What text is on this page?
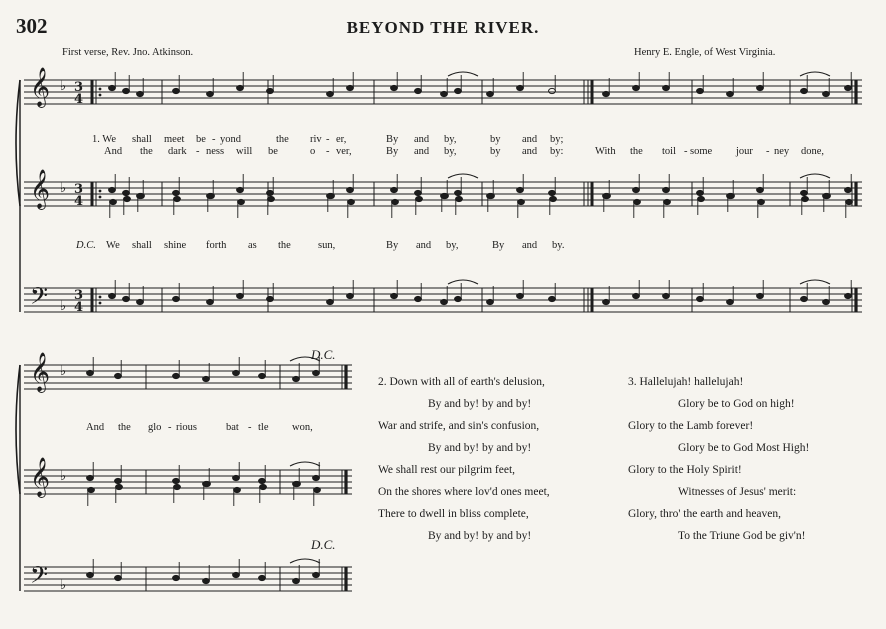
302	BEYOND THE RIVER.
First verse, Rev. Jno. Atkinson.	Henry E. Engle, of West Virginia.
𝄞 ♭ 3
4
𝄞 ♭ 3
4
𝄢 ♭
3
4
𝄞 ♭
𝄞 ♭
𝄢 ♭
1. We shall meet be - yond	the riv - er,	By and by,	by and by;
And the dark - ness will be	o - ver,	By and by,	by and by:	With the toil - some jour - ney done,
D.C. We shall shine forth as the	sun,	By and by,	By and by.
And the glo - rious	bat - tle won,
D.C.
D.C.
2. Down with all of earth's delusion,
By and by! by and by!
War and strife, and sin's confusion,
By and by! by and by!
We shall rest our pilgrim feet,
On the shores where lov'd ones meet,
There to dwell in bliss complete,
By and by! by and by!
3. Hallelujah! hallelujah!
Glory be to God on high!
Glory to the Lamb forever!
Glory be to God Most High!
Glory to the Holy Spirit!
Witnesses of Jesus' merit:
Glory, thro' the earth and heaven,
To the Triune God be giv'n!
